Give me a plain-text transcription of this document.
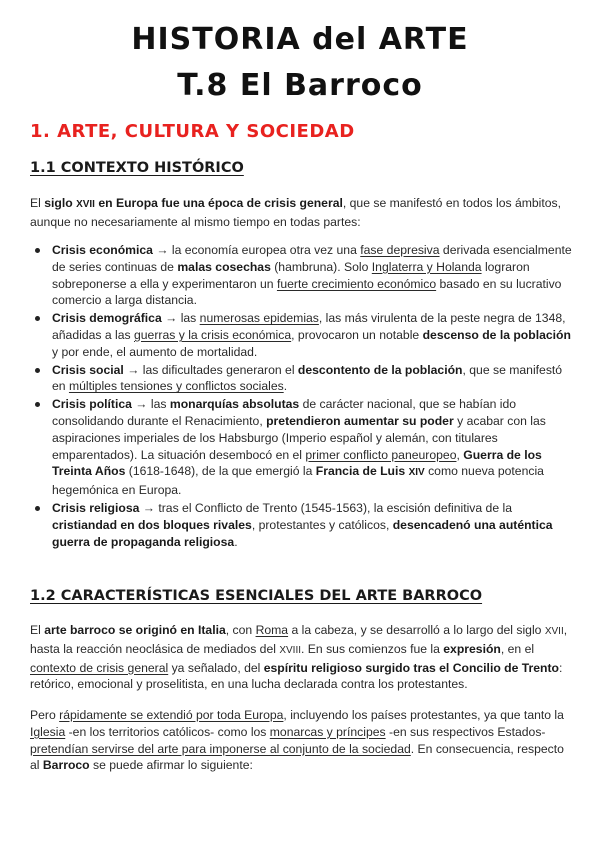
HISTORIA del ARTE
T.8 El Barroco
1. ARTE, CULTURA Y SOCIEDAD
1.1 CONTEXTO HISTÓRICO
El siglo XVII en Europa fue una época de crisis general, que se manifestó en todos los ámbitos, aunque no necesariamente al mismo tiempo en todas partes:
Crisis económica → la economía europea otra vez una fase depresiva derivada esencialmente de series continuas de malas cosechas (hambruna). Solo Inglaterra y Holanda lograron sobreponerse a ella y experimentaron un fuerte crecimiento económico basado en su lucrativo comercio a larga distancia.
Crisis demográfica → las numerosas epidemias, las más virulenta de la peste negra de 1348, añadidas a las guerras y la crisis económica, provocaron un notable descenso de la población y por ende, el aumento de mortalidad.
Crisis social → las dificultades generaron el descontento de la población, que se manifestó en múltiples tensiones y conflictos sociales.
Crisis política → las monarquías absolutas de carácter nacional, que se habían ido consolidando durante el Renacimiento, pretendieron aumentar su poder y acabar con las aspiraciones imperiales de los Habsburgo (Imperio español y alemán, con titulares emparentados). La situación desembocó en el primer conflicto paneuropeo, Guerra de los Treinta Años (1618-1648), de la que emergió la Francia de Luis XIV como nueva potencia hegemónica en Europa.
Crisis religiosa → tras el Conflicto de Trento (1545-1563), la escisión definitiva de la cristiandad en dos bloques rivales, protestantes y católicos, desencadenó una auténtica guerra de propaganda religiosa.
1.2 CARACTERÍSTICAS ESENCIALES DEL ARTE BARROCO
El arte barroco se originó en Italia, con Roma a la cabeza, y se desarrolló a lo largo del siglo XVII, hasta la reacción neoclásica de mediados del XVIII. En sus comienzos fue la expresión, en el contexto de crisis general ya señalado, del espíritu religioso surgido tras el Concilio de Trento: retórico, emocional y proselitista, en una lucha declarada contra los protestantes.
Pero rápidamente se extendió por toda Europa, incluyendo los países protestantes, ya que tanto la Iglesia -en los territorios católicos- como los monarcas y príncipes -en sus respectivos Estados- pretendían servirse del arte para imponerse al conjunto de la sociedad. En consecuencia, respecto al Barroco se puede afirmar lo siguiente:
